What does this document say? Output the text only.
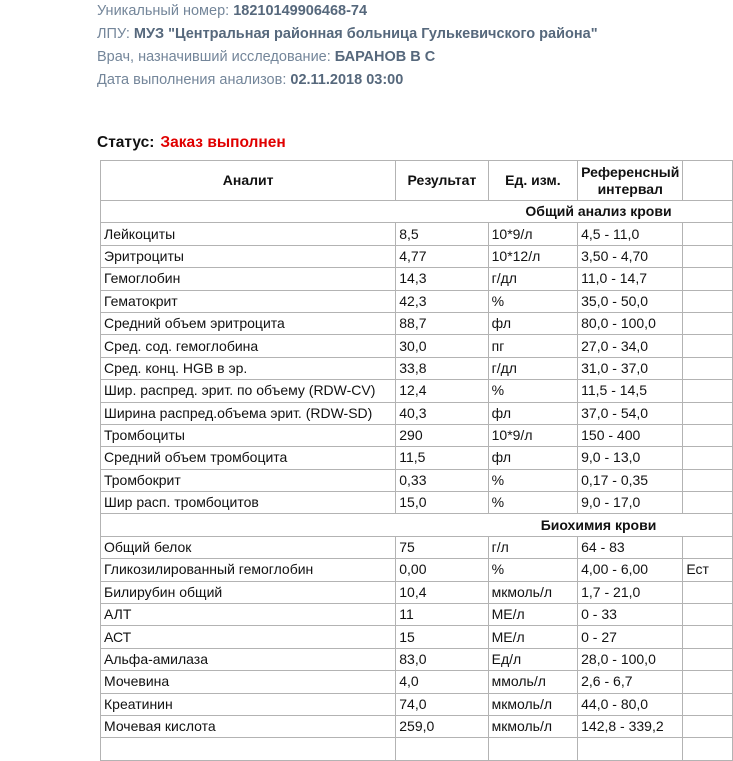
Уникальный номер: 18210149906468-74
ЛПУ: МУЗ "Центральная районная больница Гулькевичского района"
Врач, назначивший исследование: БАРАНОВ В С
Дата выполнения анализов: 02.11.2018 03:00
Статус: Заказ выполнен
Аналит	Результат	Ед. изм.	Референсный интервал	
Общий анализ крови				
Лейкоциты	8,5	10*9/л	4,5 - 11,0	
Эритроциты	4,77	10*12/л	3,50 - 4,70	
Гемоглобин	14,3	г/дл	11,0 - 14,7	
Гематокрит	42,3	%	35,0 - 50,0	
Средний объем эритроцита	88,7	фл	80,0 - 100,0	
Сред. сод. гемоглобина	30,0	пг	27,0 - 34,0	
Сред. конц. HGB в эр.	33,8	г/дл	31,0 - 37,0	
Шир. распред. эрит. по объему (RDW-CV)	12,4	%	11,5 - 14,5	
Ширина распред.объема эрит. (RDW-SD)	40,3	фл	37,0 - 54,0	
Тромбоциты	290	10*9/л	150 - 400	
Средний объем тромбоцита	11,5	фл	9,0 - 13,0	
Тромбокрит	0,33	%	0,17 - 0,35	
Шир расп. тромбоцитов	15,0	%	9,0 - 17,0	
Биохимия крови				
Общий белок	75	г/л	64 - 83	
Гликозилированный гемоглобин	0,00	%	4,00 - 6,00	Ест
Билирубин общий	10,4	мкмоль/л	1,7 - 21,0	
АЛТ	11	МЕ/л	0 - 33	
АСТ	15	МЕ/л	0 - 27	
Альфа-амилаза	83,0	Ед/л	28,0 - 100,0	
Мочевина	4,0	ммоль/л	2,6 - 6,7	
Креатинин	74,0	мкмоль/л	44,0 - 80,0	
Мочевая кислота	259,0	мкмоль/л	142,8 - 339,2	
